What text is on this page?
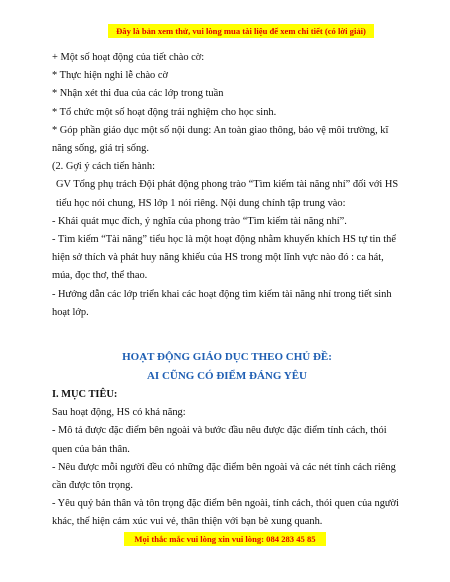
Đây là bản xem thử, vui lòng mua tài liệu để xem chi tiết (có lời giải)

+ Một số hoạt động của tiết chào cờ:

* Thực hiện nghi lễ chào cờ

* Nhận xét thi đua của các lớp trong tuần

* Tổ chức một số hoạt động trải nghiệm cho học sinh.

* Góp phần giáo dục một số nội dung: An toàn giao thông, bảo vệ môi trường, kĩ năng sống, giá trị sống.

(2. Gợi ý cách tiến hành:

GV Tổng phụ trách Đội phát động phong trào “Tìm kiếm tài năng nhí” đối với HS tiểu học nói chung, HS lớp 1 nói riêng. Nội dung chính tập trung vào:

- Khái quát mục đích, ý nghĩa của phong trào “Tìm kiếm tài năng nhí”.

- Tìm kiếm “Tài năng” tiểu học là một hoạt động nhằm khuyến khích HS tự tin thể hiện sở thích và phát huy năng khiếu của HS trong một lĩnh vực nào đó : ca hát, múa, đọc thơ, thể thao.

- Hướng dẫn các lớp triển khai các hoạt động tìm kiếm tài năng nhí trong tiết sinh hoạt lớp.

HOẠT ĐỘNG GIÁO DỤC THEO CHỦ ĐỀ:

AI CŨNG CÓ ĐIỂM ĐÁNG YÊU

I. MỤC TIÊU:

Sau hoạt động, HS có khả năng:

- Mô tả được đặc điểm bên ngoài và bước đầu nêu được đặc điểm tính cách, thói quen của bản thân.

- Nêu được mỗi người đều có những đặc điểm bên ngoài và các nét tính cách riêng cần được tôn trọng.

- Yêu quý bản thân và tôn trọng đặc điểm bên ngoài, tính cách, thói quen của người khác, thể hiện cảm xúc vui vẻ, thân thiện với bạn bè xung quanh.

Mọi thắc mắc vui lòng xin vui lòng: 084 283 45 85
